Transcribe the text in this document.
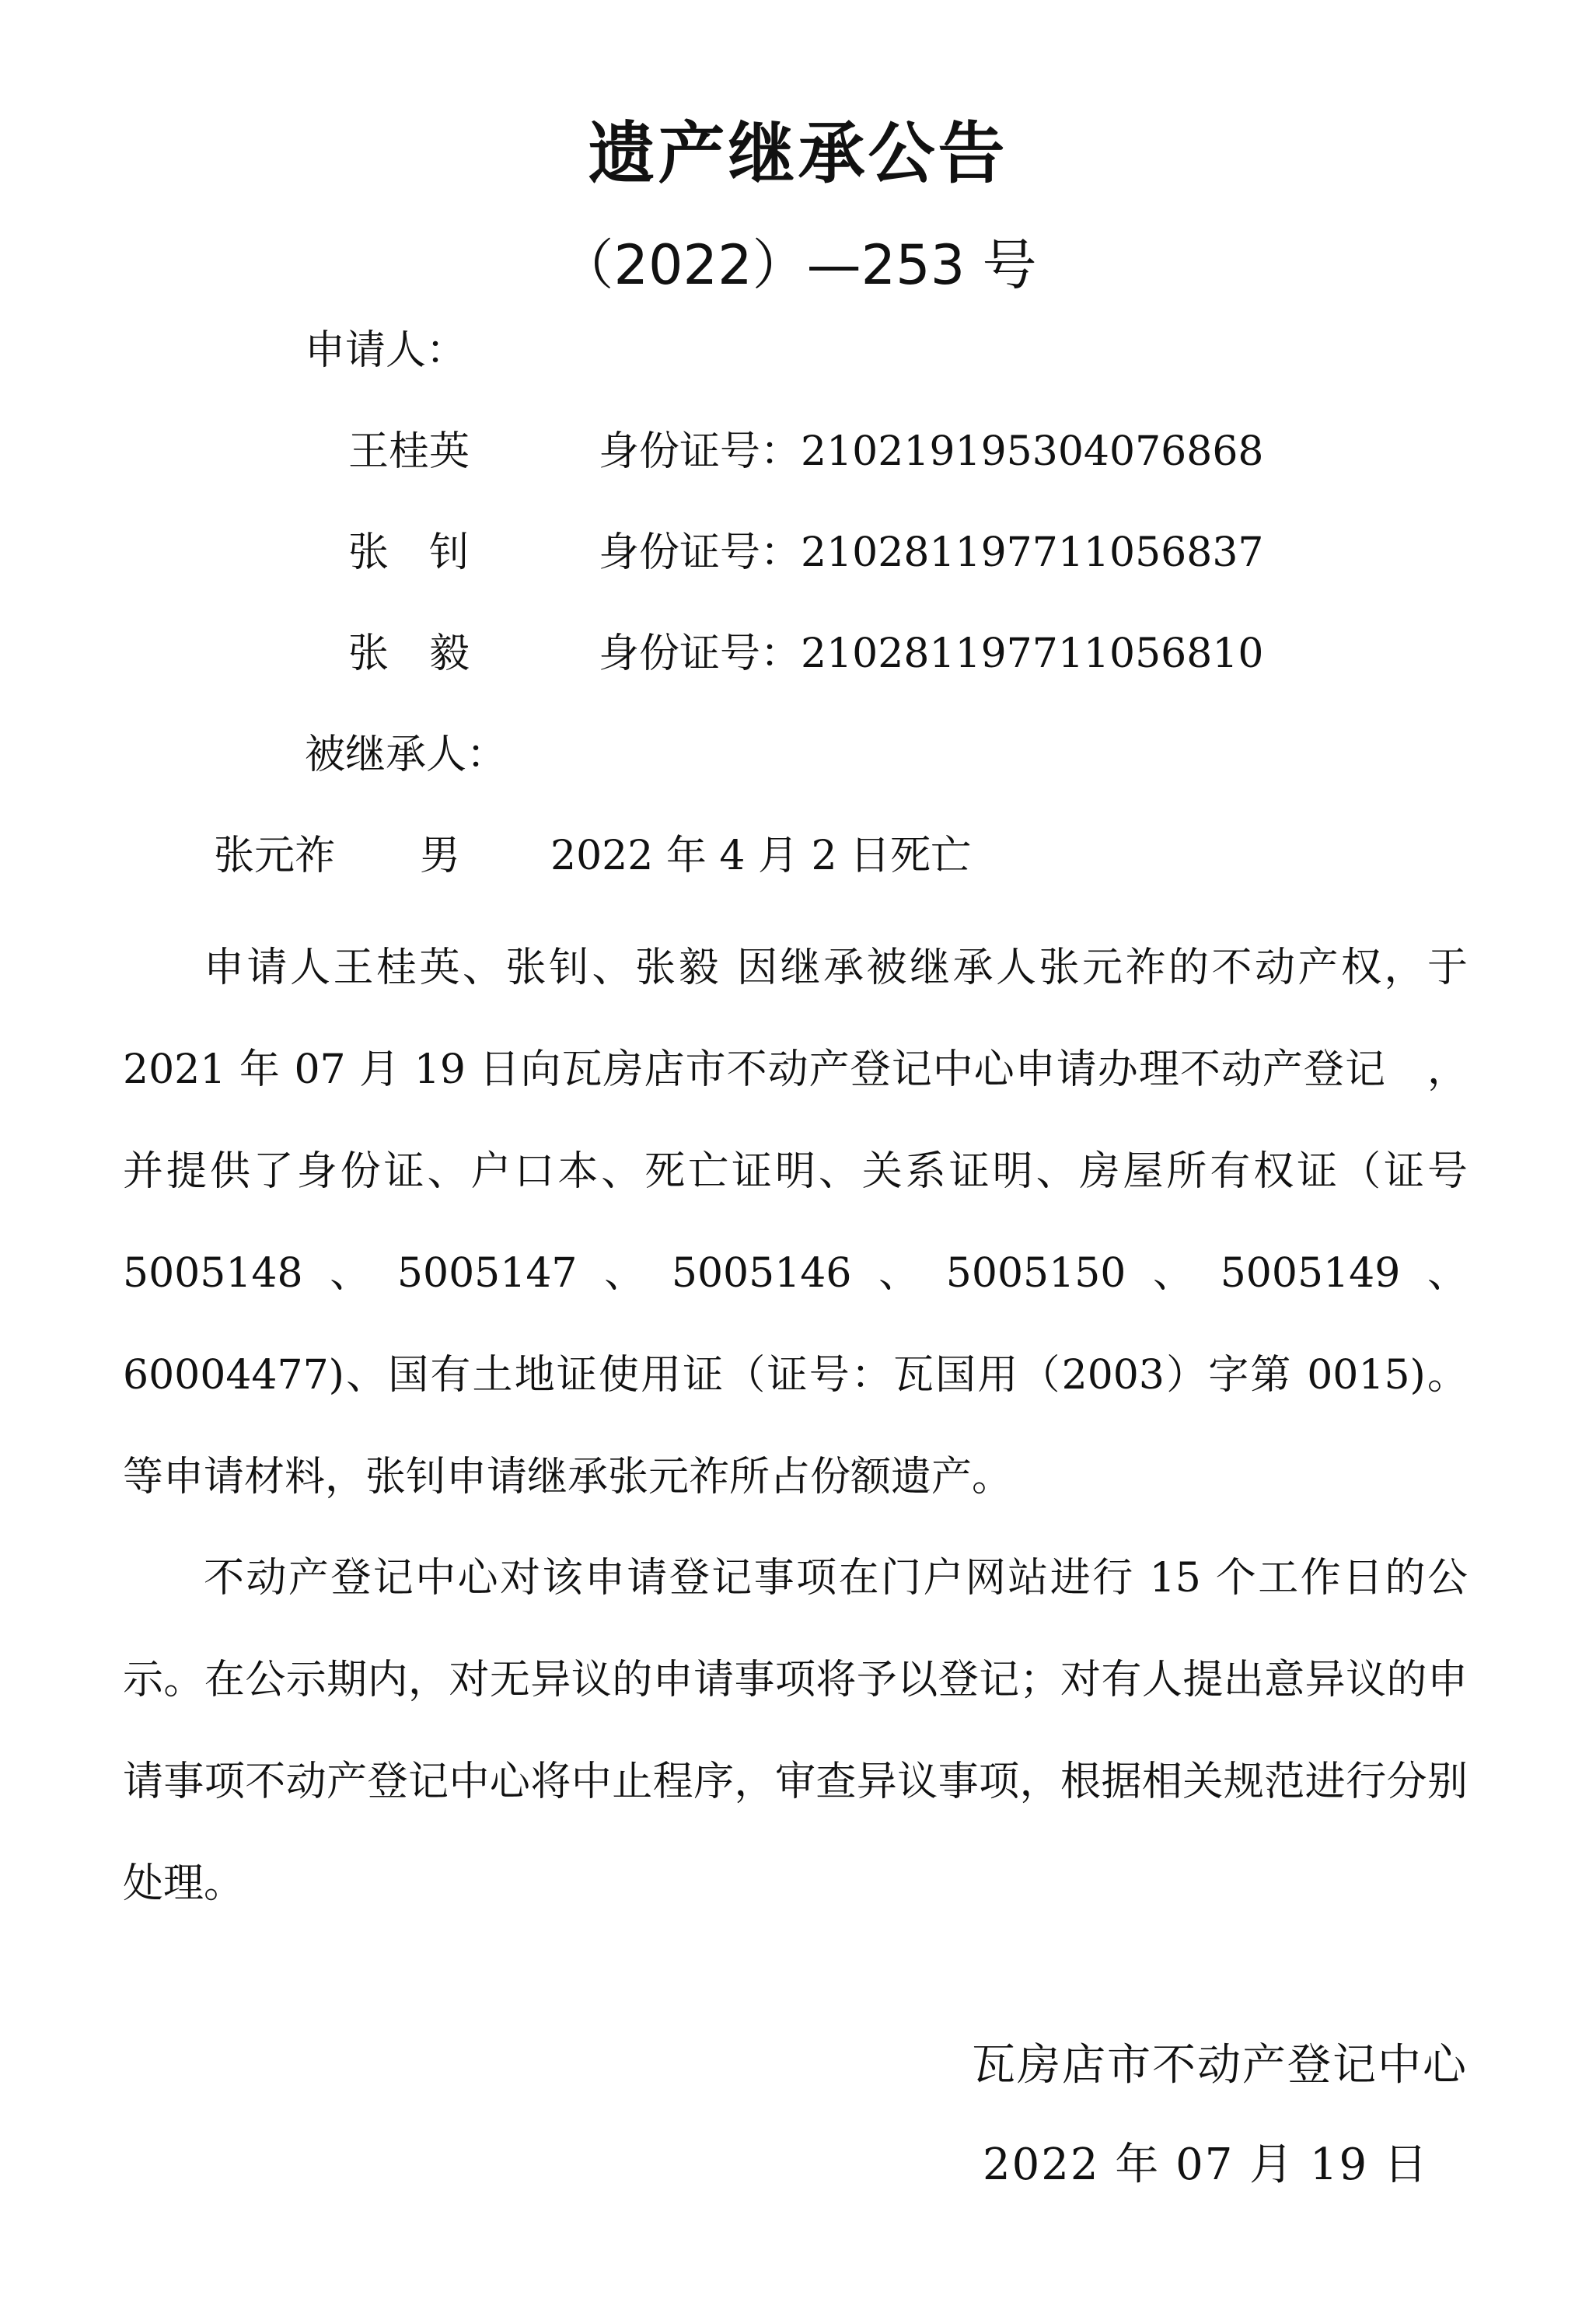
遗产继承公告
（2022）—253 号
申请人：
王桂英	身份证号：210219195304076868
张　钊	身份证号：210281197711056837
张　毅	身份证号：210281197711056810
被继承人：
张元祚 男 2022 年 4 月 2 日死亡

申请人王桂英、张钊、张毅 因继承被继承人张元祚的不动产权，于 2021 年 07 月 19 日向瓦房店市不动产登记中心申请办理不动产登记　，并提供了身份证、户口本、死亡证明、关系证明、房屋所有权证（证号 5005148、5005147、5005146、5005150、5005149、60004477)、国有土地证使用证（证号：瓦国用（2003）字第 0015)。等申请材料，张钊申请继承张元祚所占份额遗产。

不动产登记中心对该申请登记事项在门户网站进行 15 个工作日的公示。在公示期内，对无异议的申请事项将予以登记；对有人提出意异议的申请事项不动产登记中心将中止程序，审查异议事项，根据相关规范进行分别处理。

瓦房店市不动产登记中心
2022 年 07 月 19 日
